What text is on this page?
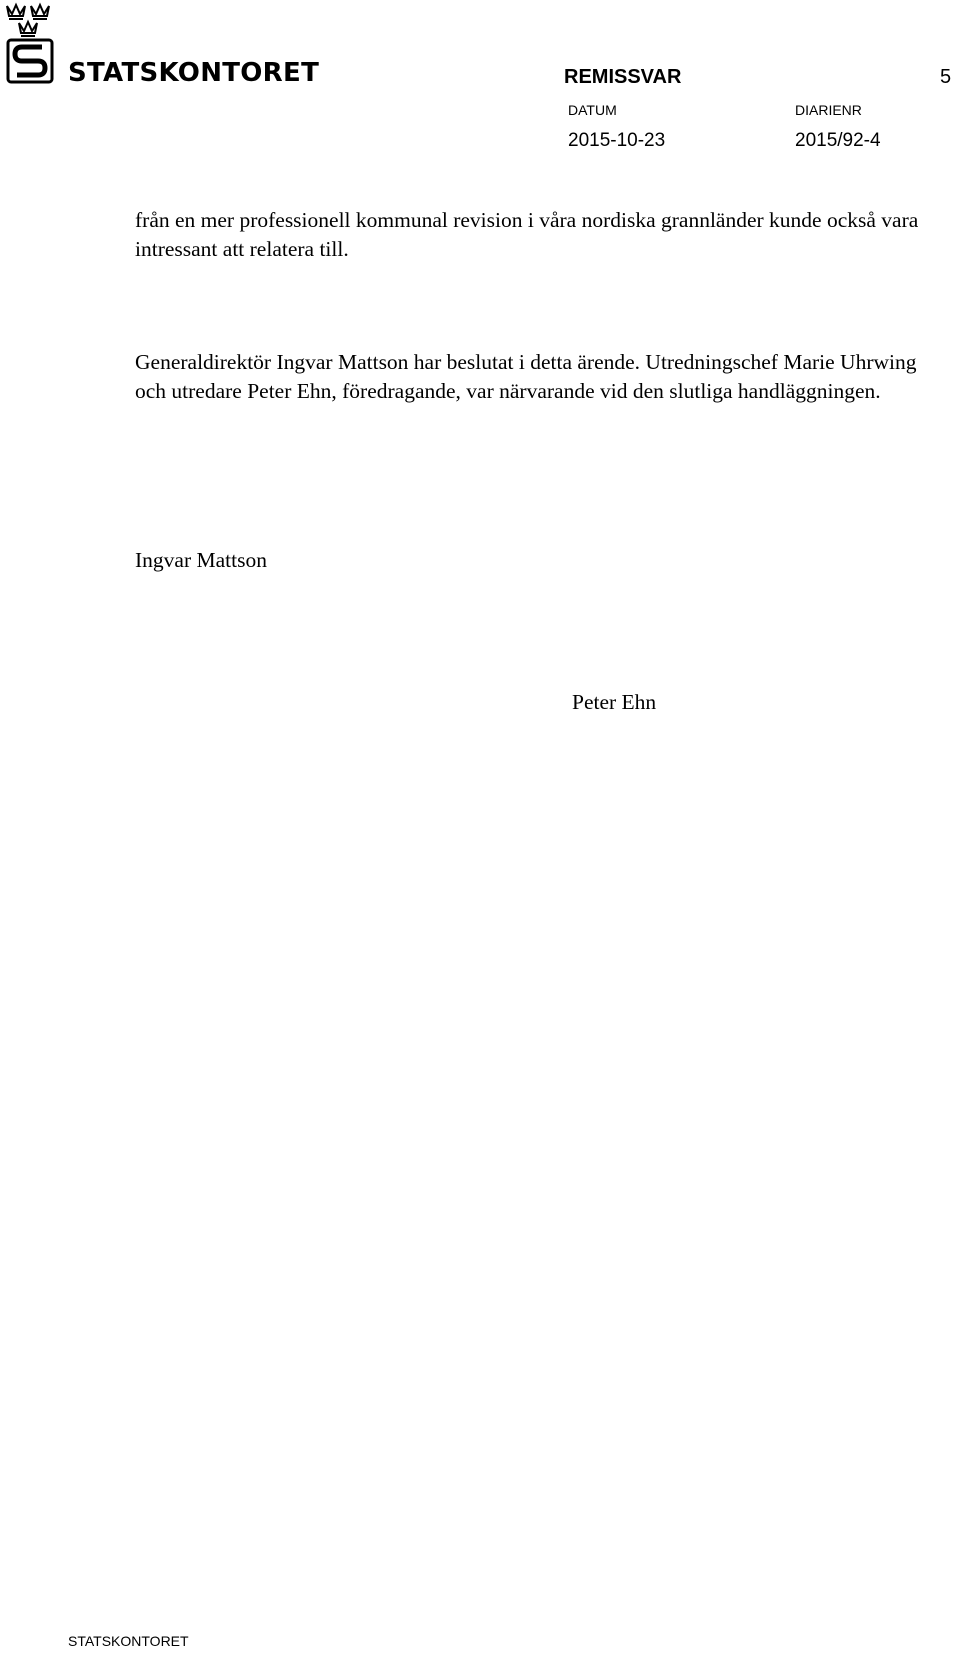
STATSKONTORET	REMISSVAR	5
DATUM	DIARIENR
2015-10-23	2015/92-4

från en mer professionell kommunal revision i våra nordiska grannländer kunde också vara intressant att relatera till.

Generaldirektör Ingvar Mattson har beslutat i detta ärende. Utredningschef Marie Uhrwing och utredare Peter Ehn, föredragande, var närvarande vid den slutliga handläggningen.

Ingvar Mattson
Peter Ehn
STATSKONTORET
